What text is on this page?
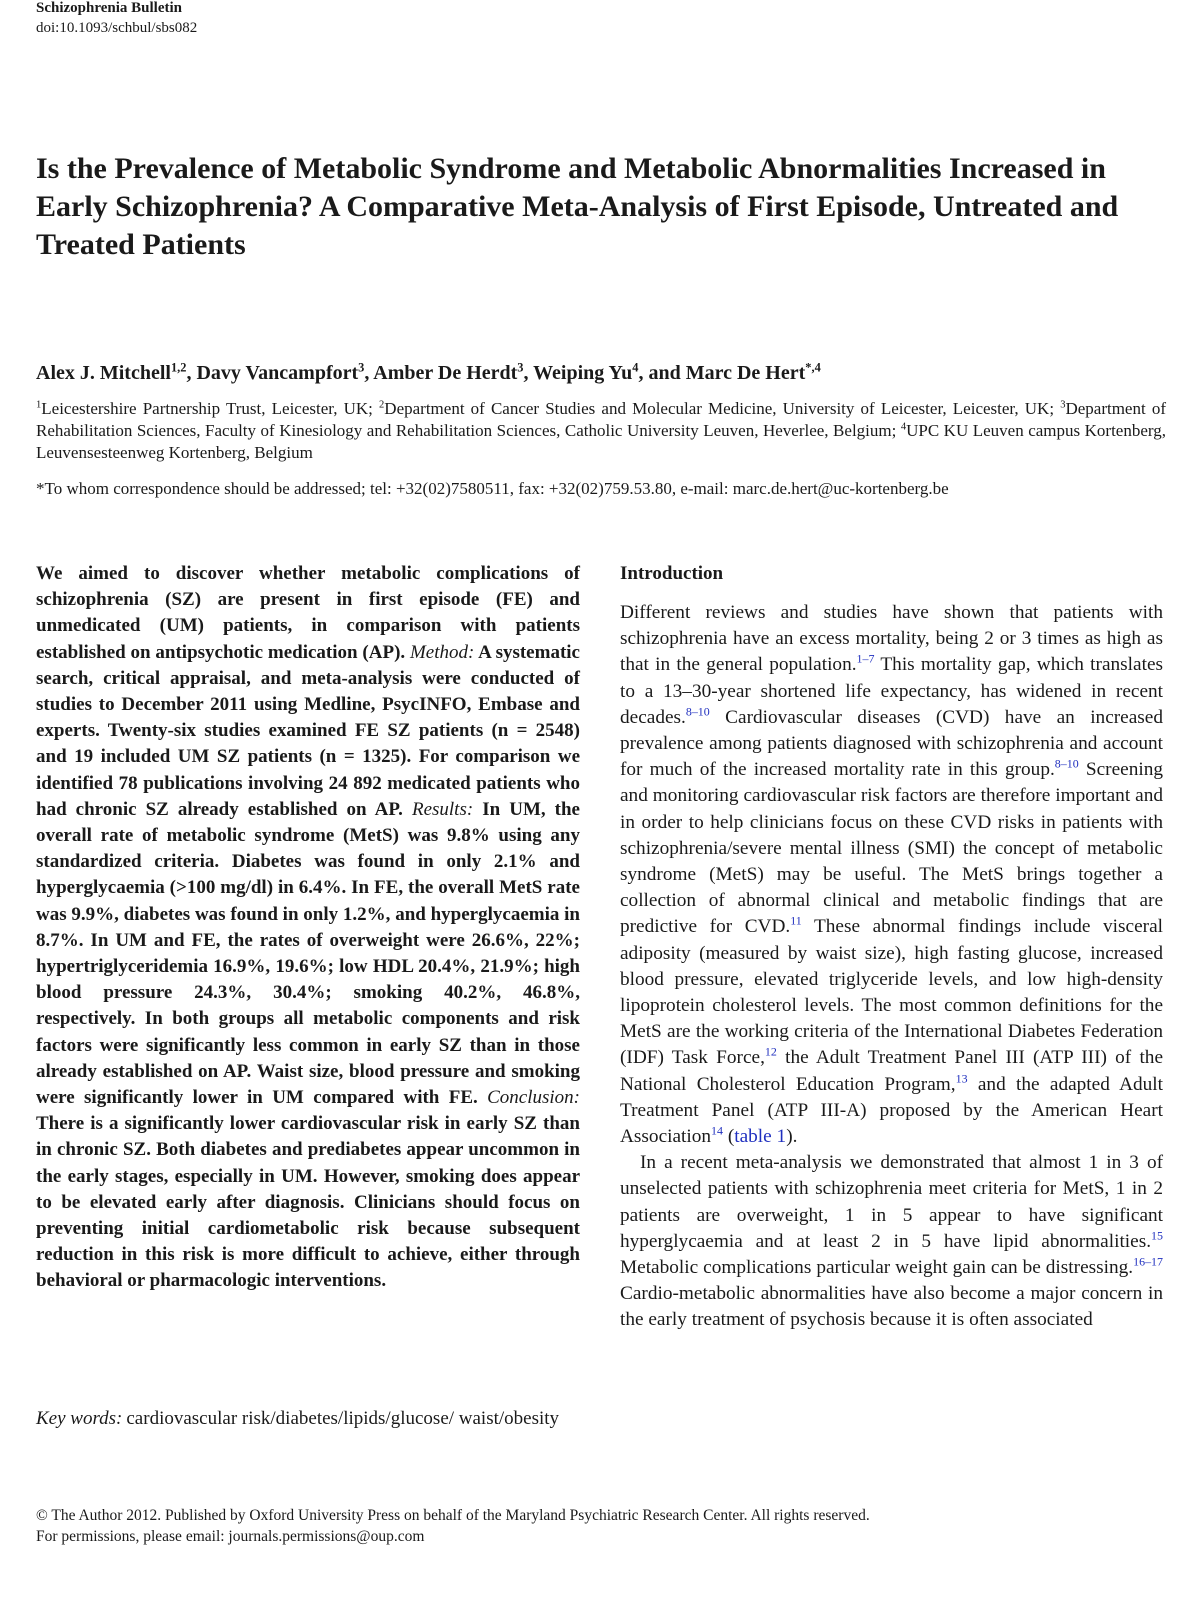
Schizophrenia Bulletin
doi:10.1093/schbul/sbs082
Is the Prevalence of Metabolic Syndrome and Metabolic Abnormalities Increased in Early Schizophrenia? A Comparative Meta-Analysis of First Episode, Untreated and Treated Patients
Alex J. Mitchell$^{1,2}$, Davy Vancampfort$^3$, Amber De Herdt$^3$, Weiping Yu$^4$, and Marc De Hert$^{*,4}$
$^1$Leicestershire Partnership Trust, Leicester, UK; $^2$Department of Cancer Studies and Molecular Medicine, University of Leicester, Leicester, UK; $^3$Department of Rehabilitation Sciences, Faculty of Kinesiology and Rehabilitation Sciences, Catholic University Leuven, Heverlee, Belgium; $^4$UPC KU Leuven campus Kortenberg, Leuvensesteenweg Kortenberg, Belgium
*To whom correspondence should be addressed; tel: +32(02)7580511, fax: +32(02)759.53.80, e-mail: marc.de.hert@uc-kortenberg.be

We aimed to discover whether metabolic complications of schizophrenia (SZ) are present in first episode (FE) and unmedicated (UM) patients, in comparison with patients established on antipsychotic medication (AP). Method: A systematic search, critical appraisal, and meta-analysis were conducted of studies to December 2011 using Medline, PsycINFO, Embase and experts. Twenty-six studies examined FE SZ patients (n = 2548) and 19 included UM SZ patients (n = 1325). For comparison we identified 78 publications involving 24 892 medicated patients who had chronic SZ already established on AP. Results: In UM, the overall rate of metabolic syndrome (MetS) was 9.8% using any standardized criteria. Diabetes was found in only 2.1% and hyperglycaemia (>100 mg/dl) in 6.4%. In FE, the overall MetS rate was 9.9%, diabetes was found in only 1.2%, and hyperglycaemia in 8.7%. In UM and FE, the rates of overweight were 26.6%, 22%; hypertriglyceridemia 16.9%, 19.6%; low HDL 20.4%, 21.9%; high blood pressure 24.3%, 30.4%; smoking 40.2%, 46.8%, respectively. In both groups all metabolic components and risk factors were significantly less common in early SZ than in those already established on AP. Waist size, blood pressure and smoking were significantly lower in UM compared with FE. Conclusion: There is a significantly lower cardiovascular risk in early SZ than in chronic SZ. Both diabetes and prediabetes appear uncommon in the early stages, especially in UM. However, smoking does appear to be elevated early after diagnosis. Clinicians should focus on preventing initial cardiometabolic risk because subsequent reduction in this risk is more difficult to achieve, either through behavioral or pharmacologic interventions.

Key words: cardiovascular risk/diabetes/lipids/glucose/ waist/obesity
Introduction

Different reviews and studies have shown that patients with schizophrenia have an excess mortality, being 2 or 3 times as high as that in the general population.$^{1-7}$ This mortality gap, which translates to a 13–30-year shortened life expectancy, has widened in recent decades.$^{8-10}$ Cardiovascular diseases (CVD) have an increased prevalence among patients diagnosed with schizophrenia and account for much of the increased mortality rate in this group.$^{8-10}$ Screening and monitoring cardiovascular risk factors are therefore important and in order to help clinicians focus on these CVD risks in patients with schizophrenia/severe mental illness (SMI) the concept of metabolic syndrome (MetS) may be useful. The MetS brings together a collection of abnormal clinical and metabolic findings that are predictive for CVD.$^{11}$ These abnormal findings include visceral adiposity (measured by waist size), high fasting glucose, increased blood pressure, elevated triglyceride levels, and low high-density lipoprotein cholesterol levels. The most common definitions for the MetS are the working criteria of the International Diabetes Federation (IDF) Task Force,$^{12}$ the Adult Treatment Panel III (ATP III) of the National Cholesterol Education Program,$^{13}$ and the adapted Adult Treatment Panel (ATP III-A) proposed by the American Heart Association$^{14}$ (table 1).

In a recent meta-analysis we demonstrated that almost 1 in 3 of unselected patients with schizophrenia meet criteria for MetS, 1 in 2 patients are overweight, 1 in 5 appear to have significant hyperglycaemia and at least 2 in 5 have lipid abnormalities.$^{15}$ Metabolic complications particular weight gain can be distressing.$^{16-17}$ Cardio-metabolic abnormalities have also become a major concern in the early treatment of psychosis because it is often associated

© The Author 2012. Published by Oxford University Press on behalf of the Maryland Psychiatric Research Center. All rights reserved.
For permissions, please email: journals.permissions@oup.com
